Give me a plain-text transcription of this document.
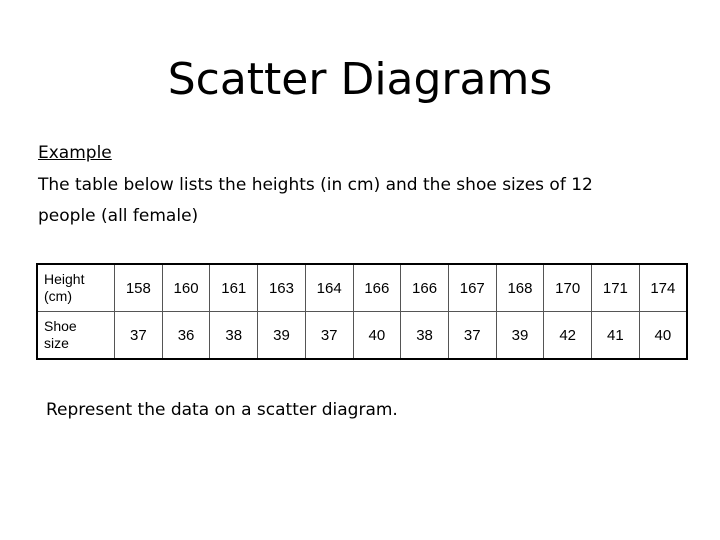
Scatter Diagrams
Example
The table below lists the heights (in cm) and the shoe sizes of 12
people (all female)
Height
(cm)	158	160	161	163	164	166	166	167	168	170	171	174
Shoe
size	37	36	38	39	37	40	38	37	39	42	41	40
Represent the data on a scatter diagram.
